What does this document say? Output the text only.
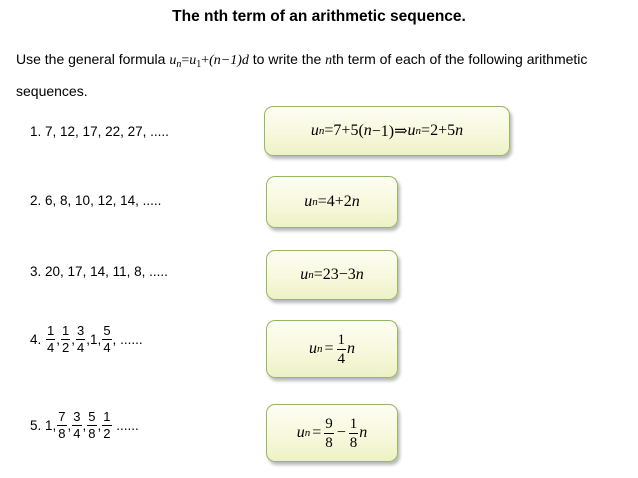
The nth term of an arithmetic sequence.
Use the general formula $u_n=u_1+(n-1)d$ to write the nth term of each of the following arithmetic sequences.
1.
7, 12, 17, 22, 27, .....
2.
6, 8, 10, 12, 14, .....
3.
20, 17, 14, 11, 8, .....
4.
$\frac{1}{4}$ , $\frac{1}{2}$ , $\frac{3}{4}$ , 1 , $\frac{5}{4}$ , ......
5.
1, $\frac{7}{8}$ , $\frac{3}{4}$ , $\frac{5}{8}$ , $\frac{1}{2}$
......
u n =7+5( n −1)⇒ u n =2+5 n
u n =4+2 n
u n =23−3 n
u $n = \frac{1}{4}$ n
u $n = \frac{9}{8} - \frac{1}{8}$ n
